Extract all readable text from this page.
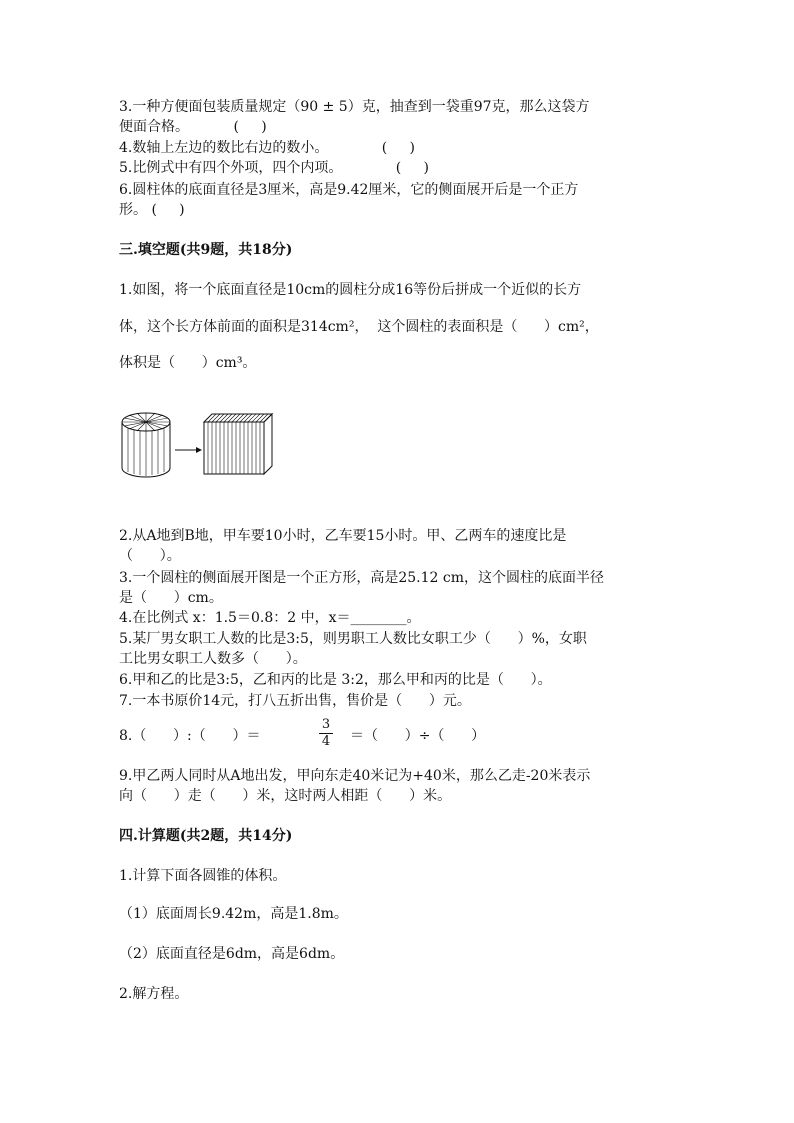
3.一种方便面包装质量规定（90 ± 5）克，抽查到一袋重97克，那么这袋方
便面合格。          (     )
4.数轴上左边的数比右边的数小。            (     )
5.比例式中有四个外项，四个内项。            (     )
6.圆柱体的底面直径是3厘米，高是9.42厘米，它的侧面展开后是一个正方
形。 (     )
三.填空题(共9题，共18分)
1.如图，将一个底面直径是10cm的圆柱分成16等份后拼成一个近似的长方
体，这个长方体前面的面积是314cm²，  这个圆柱的表面积是（      ）cm²，
体积是（      ）cm³。
2.从A地到B地，甲车要10小时，乙车要15小时。甲、乙两车的速度比是
（      ）。
3.一个圆柱的侧面展开图是一个正方形，高是25.12 cm，这个圆柱的底面半径
是（      ）cm。
4.在比例式 x：1.5＝0.8：2 中，x＝________。
5.某厂男女职工人数的比是3:5，则男职工人数比女职工少（      ）%，女职
工比男女职工人数多（      ）。
6.甲和乙的比是3:5，乙和丙的比是 3:2，那么甲和丙的比是（      ）。
7.一本书原价14元，打八五折出售，售价是（      ）元。
8.（      ）:（      ）＝
3
4 ＝（      ）÷（      ）
9.甲乙两人同时从A地出发，甲向东走40米记为+40米，那么乙走-20米表示
向（      ）走（      ）米，这时两人相距（      ）米。
四.计算题(共2题，共14分)
1.计算下面各圆锥的体积。
（1）底面周长9.42m，高是1.8m。
（2）底面直径是6dm，高是6dm。
2.解方程。
